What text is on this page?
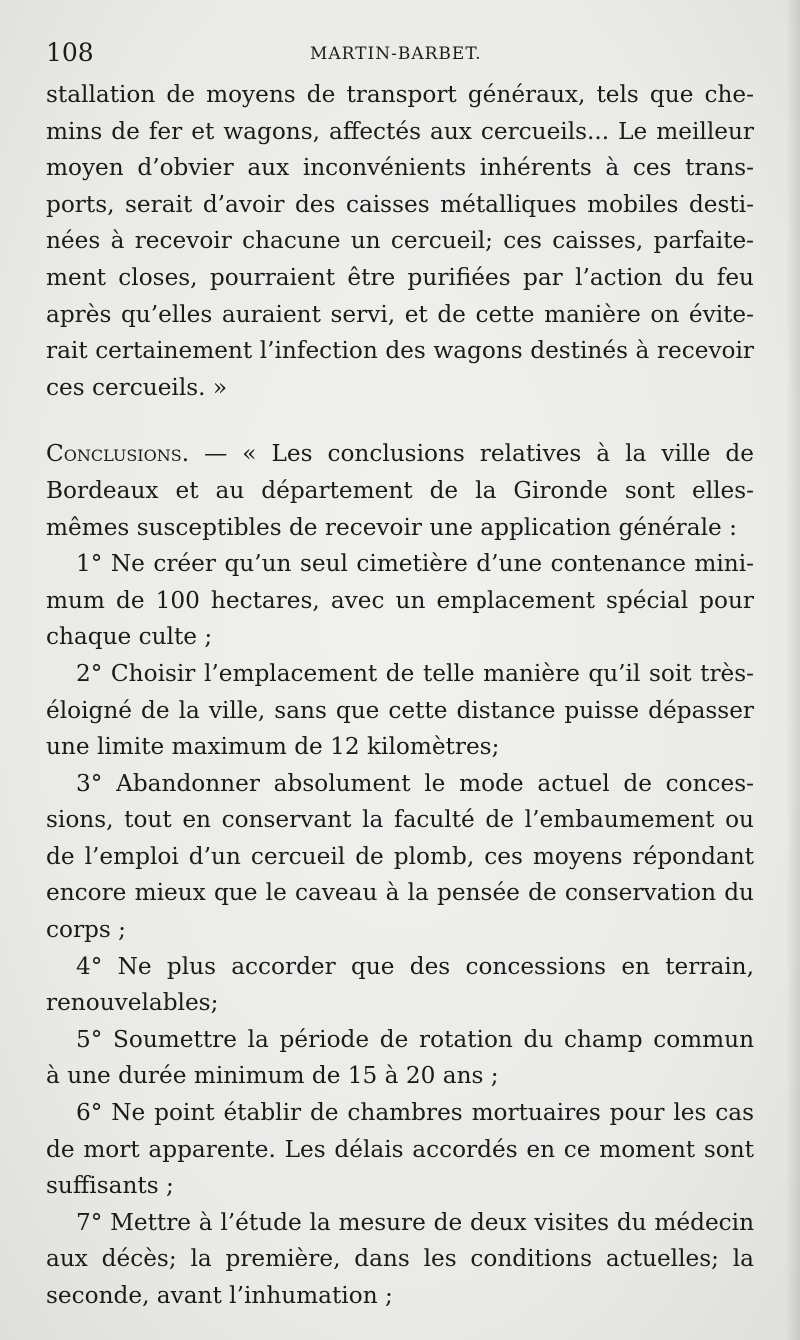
108	MARTIN-BARBET.
stallation de moyens de transport généraux, tels que che-
mins de fer et wagons, affectés aux cercueils... Le meilleur
moyen d’obvier aux inconvénients inhérents à ces trans-
ports, serait d’avoir des caisses métalliques mobiles desti-
nées à recevoir chacune un cercueil; ces caisses, parfaite-
ment closes, pourraient être purifiées par l’action du feu
après qu’elles auraient servi, et de cette manière on évite-
rait certainement l’infection des wagons destinés à recevoir
ces cercueils. »
Conclusions. — « Les conclusions relatives à la ville de
Bordeaux et au département de la Gironde sont elles-
mêmes susceptibles de recevoir une application générale :
1° Ne créer qu’un seul cimetière d’une contenance mini-
mum de 100 hectares, avec un emplacement spécial pour
chaque culte ;
2° Choisir l’emplacement de telle manière qu’il soit très-
éloigné de la ville, sans que cette distance puisse dépasser
une limite maximum de 12 kilomètres;
3° Abandonner absolument le mode actuel de conces-
sions, tout en conservant la faculté de l’embaumement ou
de l’emploi d’un cercueil de plomb, ces moyens répondant
encore mieux que le caveau à la pensée de conservation du
corps ;
4° Ne plus accorder que des concessions en terrain,
renouvelables;
5° Soumettre la période de rotation du champ commun
à une durée minimum de 15 à 20 ans ;
6° Ne point établir de chambres mortuaires pour les cas
de mort apparente. Les délais accordés en ce moment sont
suffisants ;
7° Mettre à l’étude la mesure de deux visites du médecin
aux décès; la première, dans les conditions actuelles; la
seconde, avant l’inhumation ;
